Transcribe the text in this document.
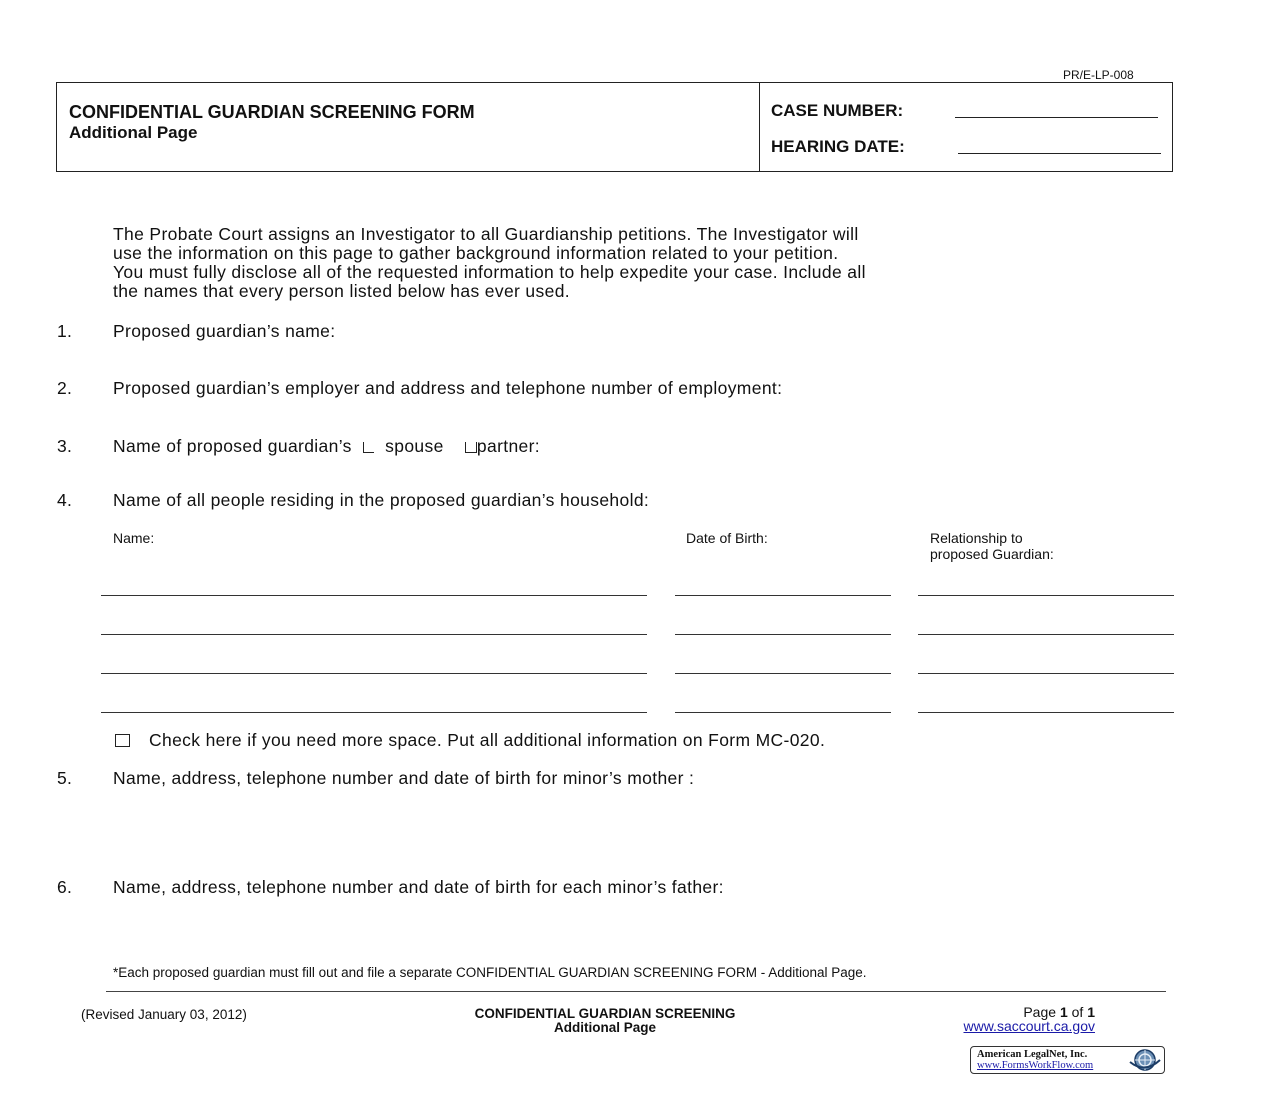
PR/E-LP-008
CONFIDENTIAL GUARDIAN SCREENING FORM
Additional Page
CASE NUMBER:
HEARING DATE:
The Probate Court assigns an Investigator to all Guardianship petitions. The Investigator will
use the information on this page to gather background information related to your petition.
You must fully disclose all of the requested information to help expedite your case. Include all
the names that every person listed below has ever used.
1. Proposed guardian’s name:
2. Proposed guardian’s employer and address and telephone number of employment:
3. Name of proposed guardian’s spouse partner:
4. Name of all people residing in the proposed guardian’s household:
Name:	Date of Birth:	Relationship to
proposed Guardian:
Check here if you need more space. Put all additional information on Form MC-020.
5. Name, address, telephone number and date of birth for minor’s mother :
6. Name, address, telephone number and date of birth for each minor’s father:
*Each proposed guardian must fill out and file a separate CONFIDENTIAL GUARDIAN SCREENING FORM - Additional Page.
(Revised January 03, 2012)	CONFIDENTIAL GUARDIAN SCREENING
Additional Page
Page 1 of 1
www.saccourt.ca.gov
American LegalNet, Inc.
www.FormsWorkFlow.com
